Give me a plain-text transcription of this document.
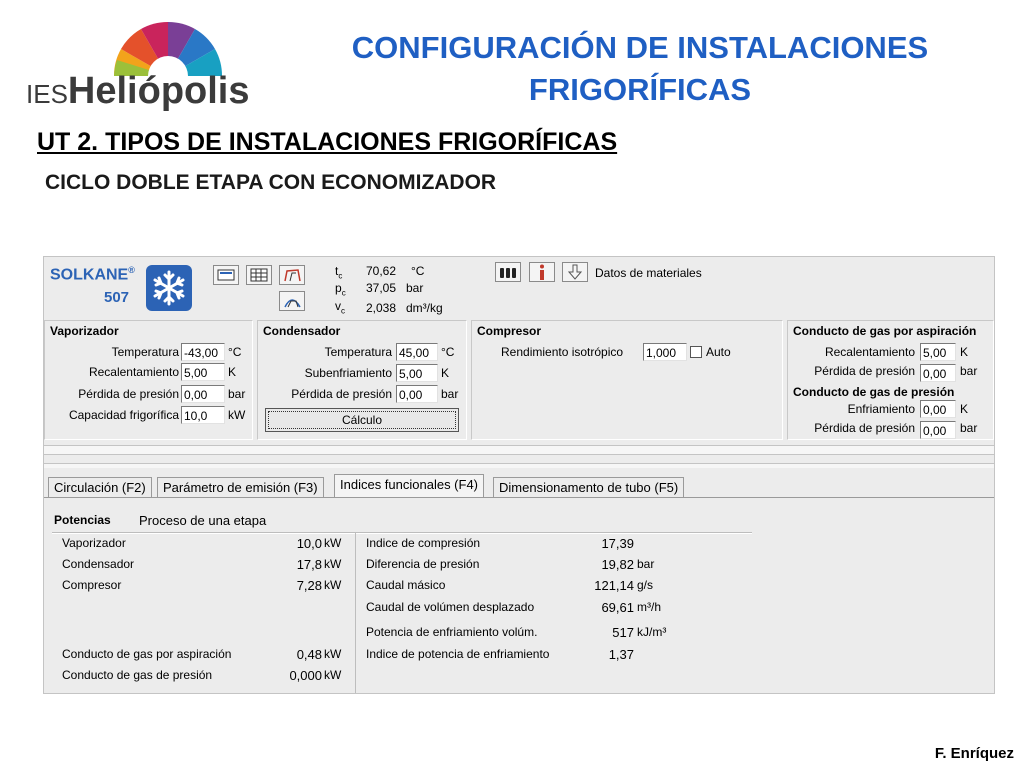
IESHeliópolis
CONFIGURACIÓN DE INSTALACIONES
FRIGORÍFICAS
UT 2. TIPOS DE INSTALACIONES FRIGORÍFICAS
CICLO DOBLE ETAPA CON ECONOMIZADOR
F. Enríquez
SOLKANE®
507
$t_c$ 70,62 °C
$p_c$ 37,05 bar
$v_c$ 2,038 dm³/kg
Datos de materiales
Vaporizador
Temperatura -43,00 °C
Recalentamiento 5,00	K
Pérdida de presión 0,00	bar
Capacidad frigorífica 10,0	kW
Condensador
Temperatura 45,00 °C
Subenfriamiento 5,00	K
Pérdida de presión 0,00	bar
Cálculo
Compresor
Rendimiento isotrópico 1,000	Auto
Conducto de gas por aspiración
Recalentamiento 5,00	K
Pérdida de presión 0,00	bar
Conducto de gas de presión
Enfriamiento 0,00	K
Pérdida de presión 0,00	bar
Circulación (F2)	Parámetro de emisión (F3)	Indices funcionales (F4)	Dimensionamento de tubo (F5)
Potencias Proceso de una etapa
Vaporizador	10,0 kW
Condensador	17,8 kW
Compresor	7,28 kW
Conducto de gas por aspiración	0,48 kW
Conducto de gas de presión	0,000 kW
Indice de compresión	17,39
Diferencia de presión	19,82 bar
Caudal másico	121,14 g/s
Caudal de volúmen desplazado	69,61 m³/h
Potencia de enfriamiento volúm.	517 kJ/m³
Indice de potencia de enfriamiento	1,37
